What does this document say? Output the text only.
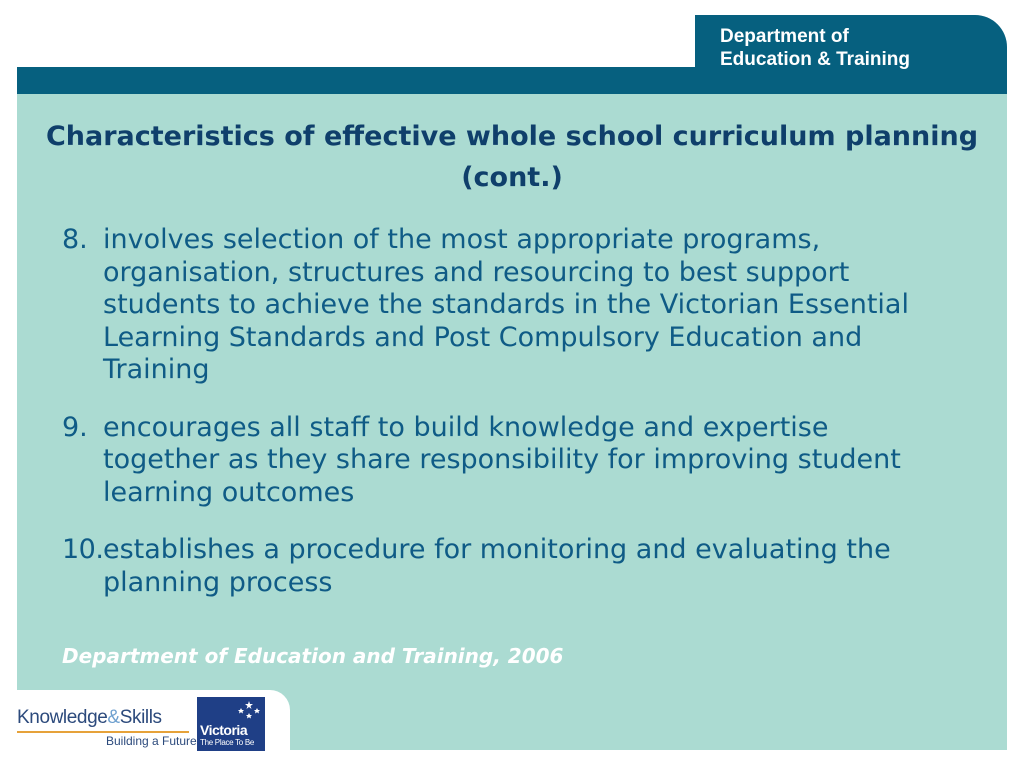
Department of
Education & Training
Characteristics of effective whole school curriculum planning (cont.)
8. involves selection of the most appropriate programs, organisation, structures and resourcing to best support students to achieve the standards in the Victorian Essential Learning Standards and Post Compulsory Education and Training
9. encourages all staff to build knowledge and expertise together as they share responsibility for improving student learning outcomes
10. establishes a procedure for monitoring and evaluating the planning process
Department of Education and Training, 2006
Knowledge&Skills
Building a Future
Victoria
The Place To Be
